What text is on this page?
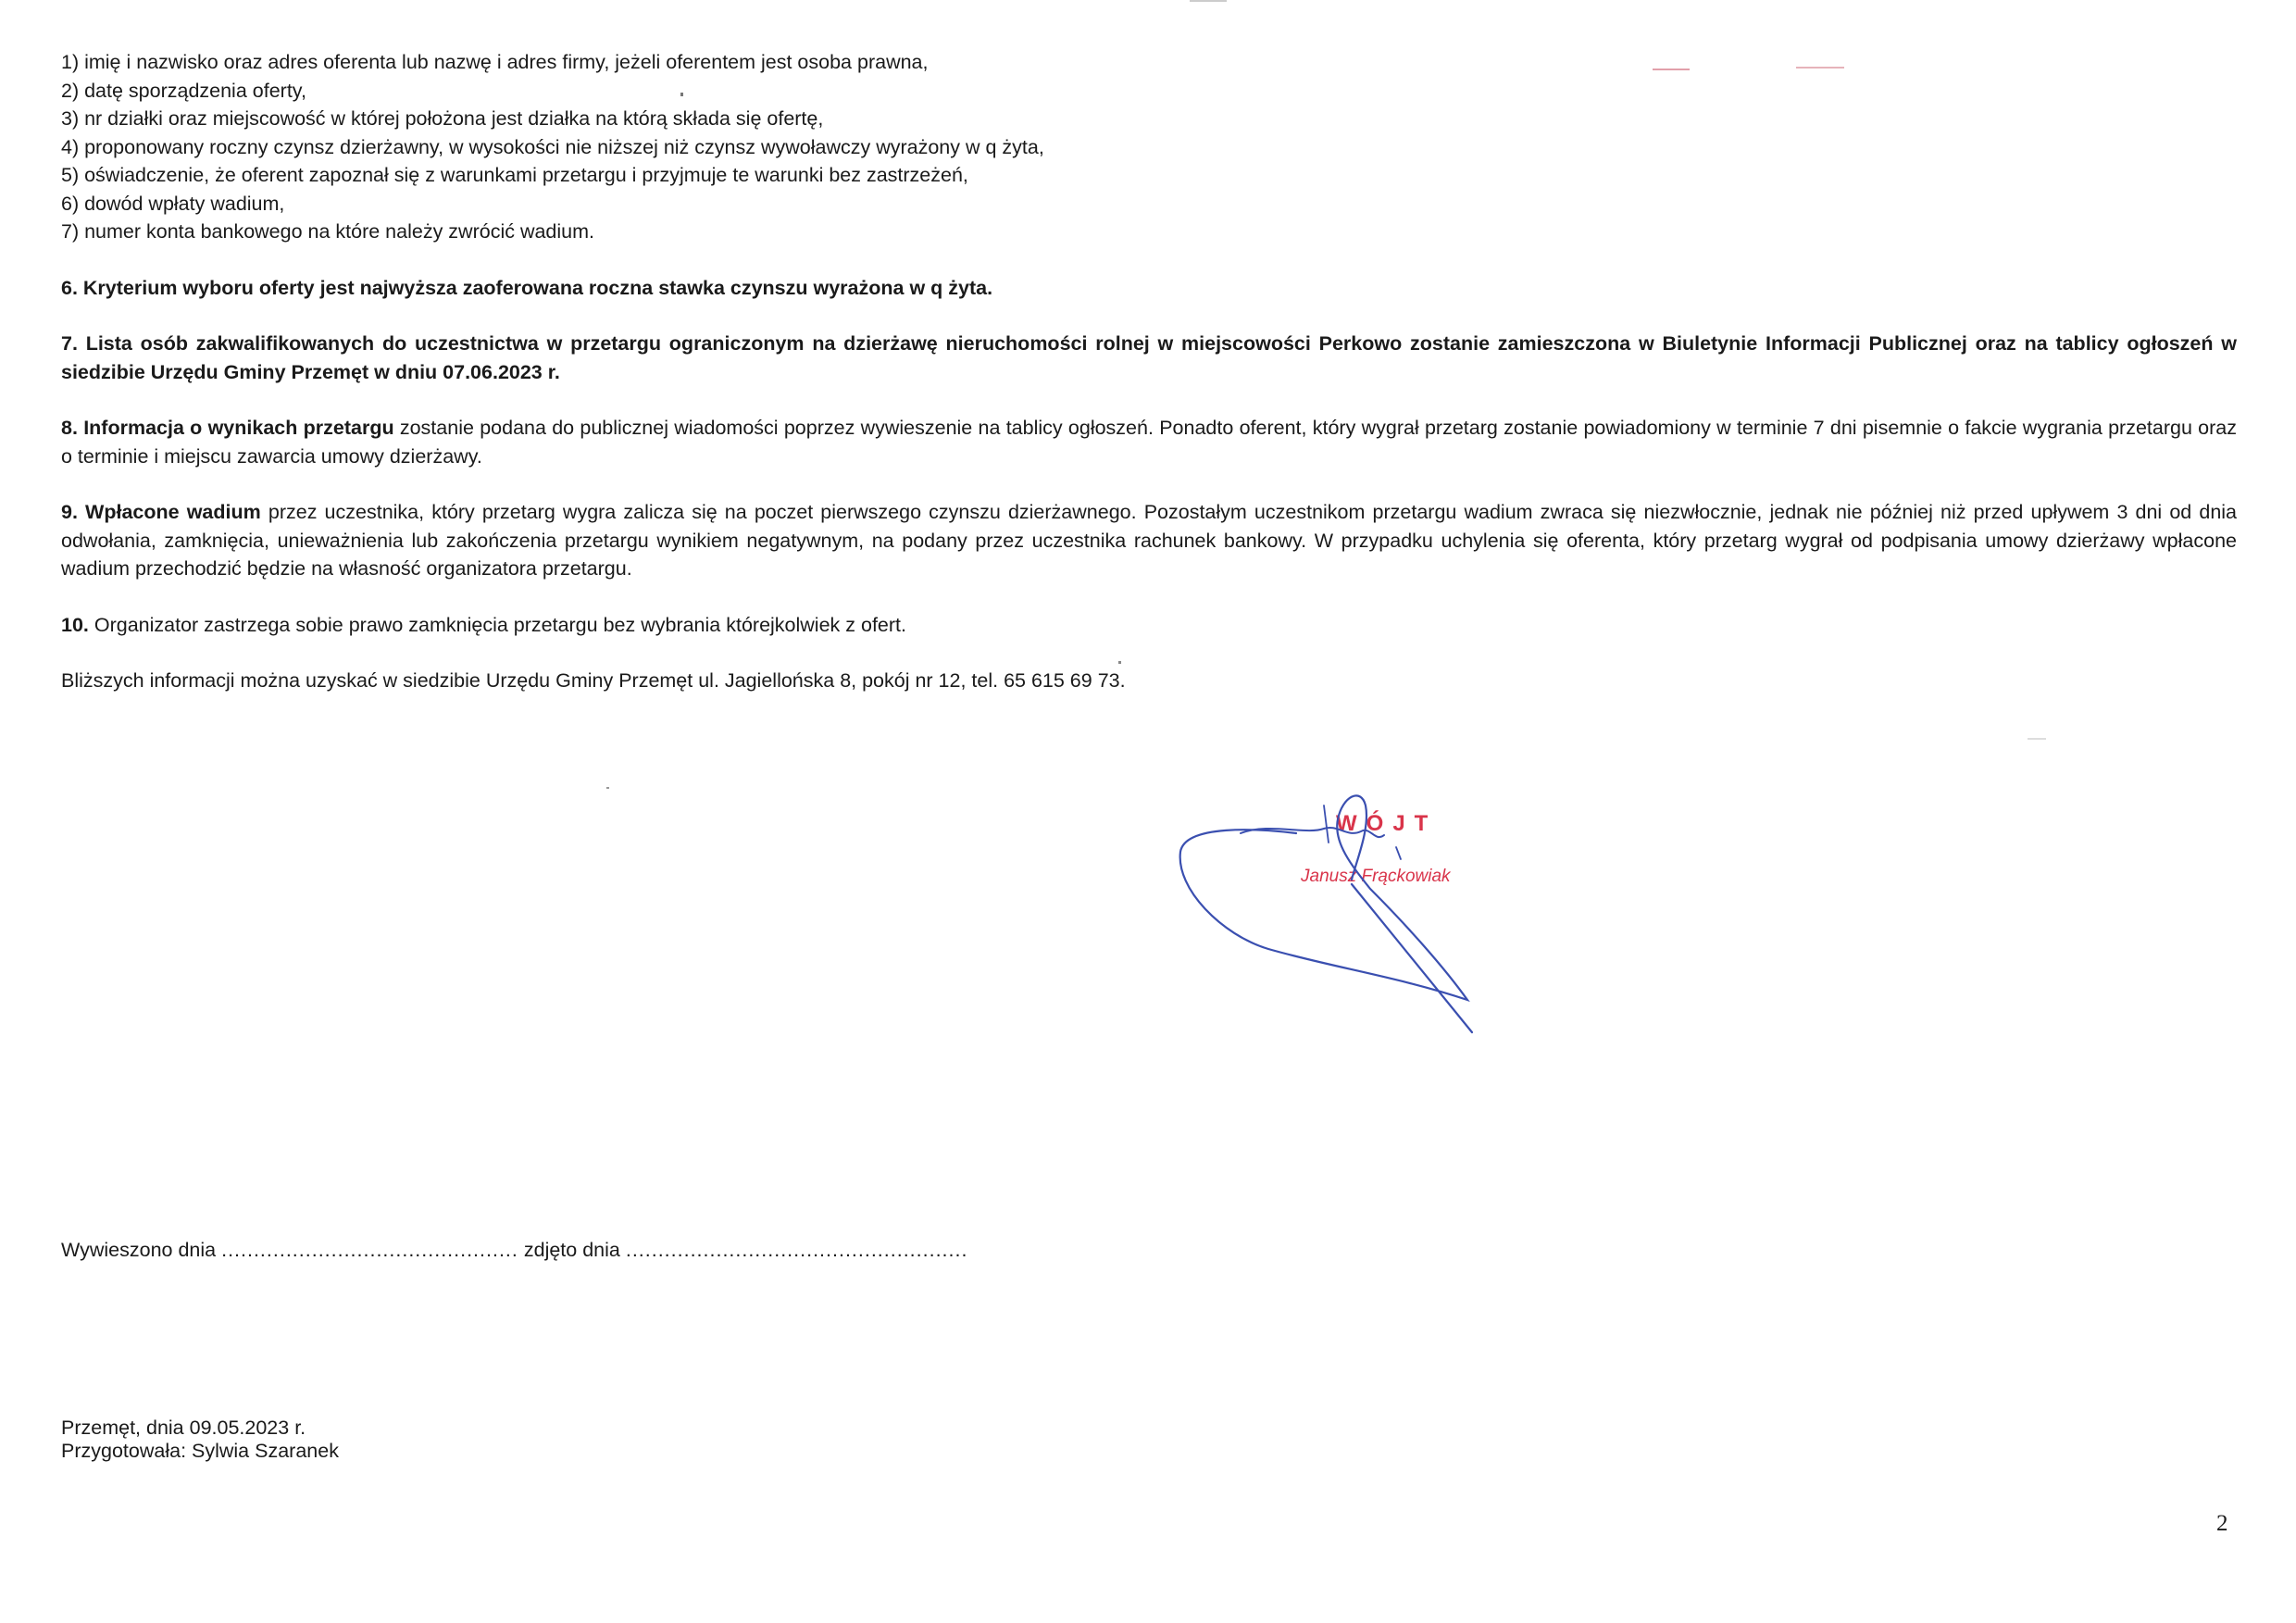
1) imię i nazwisko oraz adres oferenta lub nazwę i adres firmy, jeżeli oferentem jest osoba prawna,

2) datę sporządzenia oferty,

3) nr działki oraz miejscowość w której położona jest działka na którą składa się ofertę,

4) proponowany roczny czynsz dzierżawny, w wysokości nie niższej niż czynsz wywoławczy wyrażony w q żyta,

5) oświadczenie, że oferent zapoznał się z warunkami przetargu i przyjmuje te warunki bez zastrzeżeń,

6) dowód wpłaty wadium,

7) numer konta bankowego na które należy zwrócić wadium.

6. Kryterium wyboru oferty jest najwyższa zaoferowana roczna stawka czynszu wyrażona w q żyta.

7. Lista osób zakwalifikowanych do uczestnictwa w przetargu ograniczonym na dzierżawę nieruchomości rolnej w miejscowości Perkowo zostanie zamieszczona w Biuletynie Informacji Publicznej oraz na tablicy ogłoszeń w siedzibie Urzędu Gminy Przemęt w dniu 07.06.2023 r.

8. Informacja o wynikach przetargu zostanie podana do publicznej wiadomości poprzez wywieszenie na tablicy ogłoszeń. Ponadto oferent, który wygrał przetarg zostanie powiadomiony w terminie 7 dni pisemnie o fakcie wygrania przetargu oraz o terminie i miejscu zawarcia umowy dzierżawy.

9. Wpłacone wadium przez uczestnika, który przetarg wygra zalicza się na poczet pierwszego czynszu dzierżawnego. Pozostałym uczestnikom przetargu wadium zwraca się niezwłocznie, jednak nie później niż przed upływem 3 dni od dnia odwołania, zamknięcia, unieważnienia lub zakończenia przetargu wynikiem negatywnym, na podany przez uczestnika rachunek bankowy. W przypadku uchylenia się oferenta, który przetarg wygrał od podpisania umowy dzierżawy wpłacone wadium przechodzić będzie na własność organizatora przetargu.

10. Organizator zastrzega sobie prawo zamknięcia przetargu bez wybrania którejkolwiek z ofert.

Bliższych informacji można uzyskać w siedzibie Urzędu Gminy Przemęt ul. Jagiellońska 8, pokój nr 12, tel. 65 615 69 73.

WÓJT
Janusz Frąckowiak
Wywieszono dnia .............................................. zdjęto dnia .....................................................
Przemęt, dnia 09.05.2023 r.
Przygotowała: Sylwia Szaranek
2
